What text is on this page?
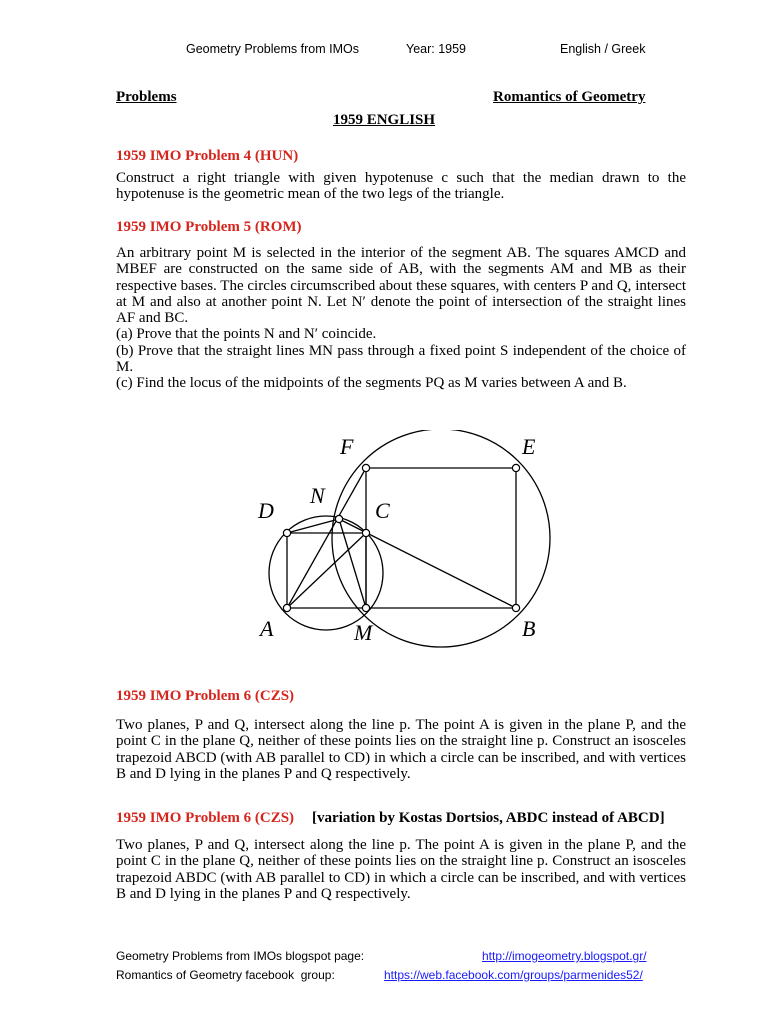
Geometry Problems from IMOs	Year: 1959	English / Greek
Problems	Romantics of Geometry
1959 ENGLISH
1959 IMO Problem 4 (HUN)

Construct a right triangle with given hypotenuse c such that the median drawn to the hypotenuse is the geometric mean of the two legs of the triangle.

1959 IMO Problem 5 (ROM)

An arbitrary point M is selected in the interior of the segment AB. The squares AMCD and MBEF are constructed on the same side of AB, with the segments AM and MB as their respective bases. The circles circumscribed about these squares, with centers P and Q, intersect at M and also at another point N. Let N′ denote the point of intersection of the straight lines AF and BC.

(a) Prove that the points N and N′ coincide.

(b) Prove that the straight lines MN pass through a fixed point S independent of the choice of M.

(c) Find the locus of the midpoints of the segments PQ as M varies between A and B.

F	E
N
D	C
A	M	B
1959 IMO Problem 6 (CZS)

Two planes, P and Q, intersect along the line p. The point A is given in the plane P, and the point C in the plane Q, neither of these points lies on the straight line p. Construct an isosceles trapezoid ABCD (with AB parallel to CD) in which a circle can be inscribed, and with vertices B and D lying in the planes P and Q respectively.

1959 IMO Problem 6 (CZS) [variation by Kostas Dortsios, ABDC instead of ABCD]

Two planes, P and Q, intersect along the line p. The point A is given in the plane P, and the point C in the plane Q, neither of these points lies on the straight line p. Construct an isosceles trapezoid ABDC (with AB parallel to CD) in which a circle can be inscribed, and with vertices B and D lying in the planes P and Q respectively.

Geometry Problems from IMOs blogspot page:	http://imogeometry.blogspot.gr/
Romantics of Geometry facebook  group:	https://web.facebook.com/groups/parmenides52/
